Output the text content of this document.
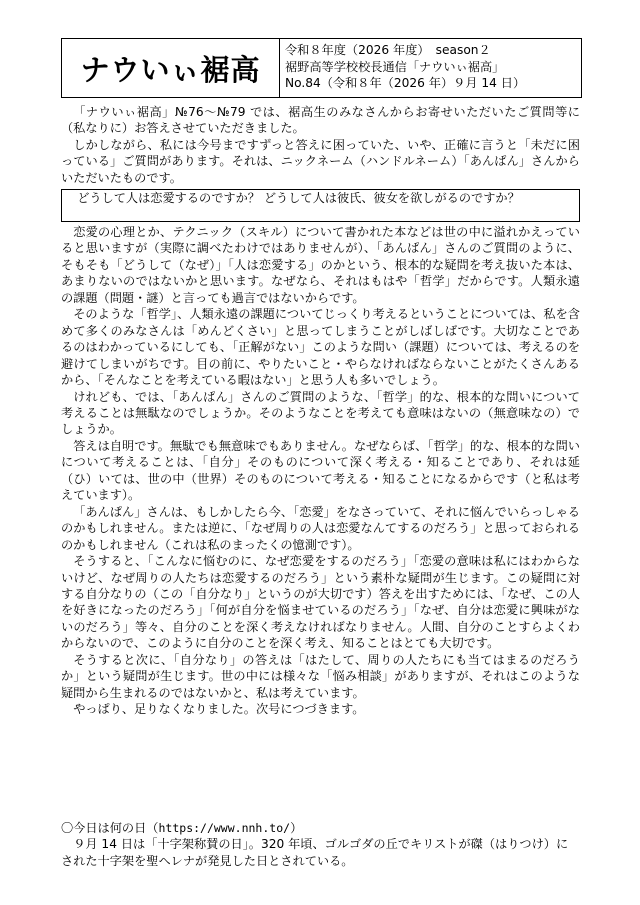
ナウいぃ裾高
令和８年度（2026 年度）　season２
裾野高等学校校長通信「ナウいぃ裾高」
No.84（令和８年（2026 年）９月 14 日）

「ナウいぃ裾高」№76～№79 では、裾高生のみなさんからお寄せいただいたご質問等に（私なりに）お答えさせていただきました。

しかしながら、私には今号まですずっと答えに困っていた、いや、正確に言うと「未だに困っている」ご質問があります。それは、ニックネーム（ハンドルネーム）「あんぱん」さんからいただいたものです。

どうして人は恋愛するのですか？ どうして人は彼氏、彼女を欲しがるのですか？

恋愛の心理とか、テクニック（スキル）について書かれた本などは世の中に溢れかえっていると思いますが（実際に調べたわけではありませんが）、「あんぱん」さんのご質問のように、そもそも「どうして（なぜ）」「人は恋愛する」のかという、根本的な疑問を考え抜いた本は、あまりないのではないかと思います。なぜなら、それはもはや「哲学」だからです。人類永遠の課題（問題・謎）と言っても過言ではないからです。

そのような「哲学」、人類永遠の課題についてじっくり考えるということについては、私を含めて多くのみなさんは「めんどくさい」と思ってしまうことがしばしばです。大切なことであるのはわかっているにしても、「正解がない」このような問い（課題）については、考えるのを避けてしまいがちです。目の前に、やりたいこと・やらなければならないことがたくさんあるから、「そんなことを考えている暇はない」と思う人も多いでしょう。

けれども、では、「あんぱん」さんのご質問のような、「哲学」的な、根本的な問いについて考えることは無駄なのでしょうか。そのようなことを考えても意味はないの（無意味なの）でしょうか。

答えは自明です。無駄でも無意味でもありません。なぜならば、「哲学」的な、根本的な問いについて考えることは、「自分」そのものについて深く考える・知ることであり、それは延（ひ）いては、世の中（世界）そのものについて考える・知ることになるからです（と私は考えています）。

「あんぱん」さんは、もしかしたら今、「恋愛」をなさっていて、それに悩んでいらっしゃるのかもしれません。または逆に、「なぜ周りの人は恋愛なんてするのだろう」と思っておられるのかもしれません（これは私のまったくの憶測です）。

そうすると、「こんなに悩むのに、なぜ恋愛をするのだろう」「恋愛の意味は私にはわからないけど、なぜ周りの人たちは恋愛するのだろう」という素朴な疑問が生じます。この疑問に対する自分なりの（この「自分なり」というのが大切です）答えを出すためには、「なぜ、この人を好きになったのだろう」「何が自分を悩ませているのだろう」「なぜ、自分は恋愛に興味がないのだろう」等々、自分のことを深く考えなければなりません。人間、自分のことすらよくわからないので、このように自分のことを深く考え、知ることはとても大切です。

そうすると次に、「自分なり」の答えは「はたして、周りの人たちにも当てはまるのだろうか」という疑問が生じます。世の中には様々な「悩み相談」がありますが、それはこのような疑問から生まれるのではないかと、私は考えています。

やっぱり、足りなくなりました。次号につづきます。

〇今日は何の日（https://www.nnh.to/）

９月 14 日は「十字架称賛の日」。320 年頃、ゴルゴダの丘でキリストが磔（はりつけ）にされた十字架を聖ヘレナが発見した日とされている。
